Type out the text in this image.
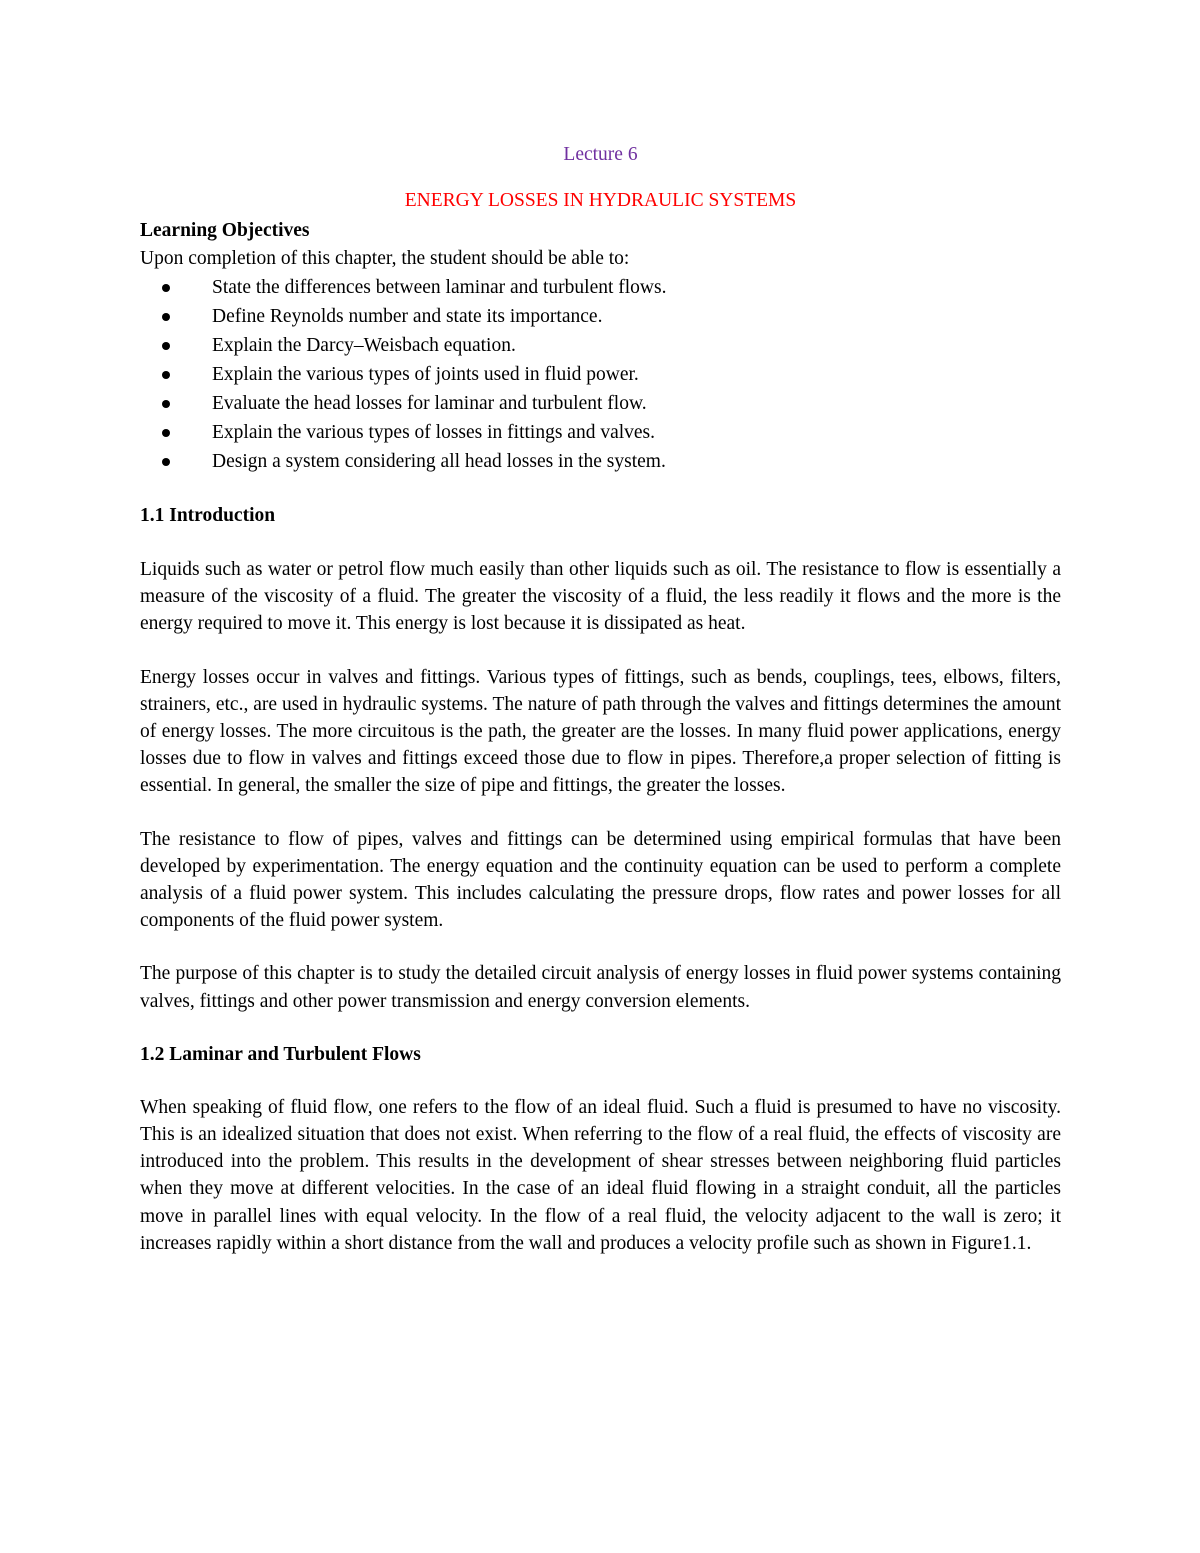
Lecture 6
ENERGY LOSSES IN HYDRAULIC SYSTEMS
Learning Objectives
Upon completion of this chapter, the student should be able to:
State the differences between laminar and turbulent flows.
Define Reynolds number and state its importance.
Explain the Darcy–Weisbach equation.
Explain the various types of joints used in fluid power.
Evaluate the head losses for laminar and turbulent flow.
Explain the various types of losses in fittings and valves.
Design a system considering all head losses in the system.
1.1 Introduction

Liquids such as water or petrol flow much easily than other liquids such as oil. The resistance to flow is essentially a measure of the viscosity of a fluid. The greater the viscosity of a fluid, the less readily it flows and the more is the energy required to move it. This energy is lost because it is dissipated as heat.

Energy losses occur in valves and fittings. Various types of fittings, such as bends, couplings, tees, elbows, filters, strainers, etc., are used in hydraulic systems. The nature of path through the valves and fittings determines the amount of energy losses. The more circuitous is the path, the greater are the losses. In many fluid power applications, energy losses due to flow in valves and fittings exceed those due to flow in pipes. Therefore,a proper selection of fitting is essential. In general, the smaller the size of pipe and fittings, the greater the losses.

The resistance to flow of pipes, valves and fittings can be determined using empirical formulas that have been developed by experimentation. The energy equation and the continuity equation can be used to perform a complete analysis of a fluid power system. This includes calculating the pressure drops, flow rates and power losses for all components of the fluid power system.

The purpose of this chapter is to study the detailed circuit analysis of energy losses in fluid power systems containing valves, fittings and other power transmission and energy conversion elements.

1.2 Laminar and Turbulent Flows

When speaking of fluid flow, one refers to the flow of an ideal fluid. Such a fluid is presumed to have no viscosity. This is an idealized situation that does not exist. When referring to the flow of a real fluid, the effects of viscosity are introduced into the problem. This results in the development of shear stresses between neighboring fluid particles when they move at different velocities. In the case of an ideal fluid flowing in a straight conduit, all the particles move in parallel lines with equal velocity. In the flow of a real fluid, the velocity adjacent to the wall is zero; it increases rapidly within a short distance from the wall and produces a velocity profile such as shown in Figure1.1.
